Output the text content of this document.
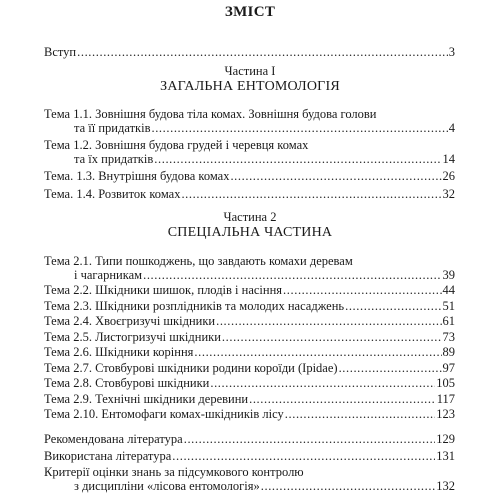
ЗМІСТ
Вступ .....	3
Частина І
ЗАГАЛЬНА ЕНТОМОЛОГІЯ
Тема 1.1. Зовнішня будова тіла комах. Зовнішня будова голови
та її придатків .....	4
Тема 1.2. Зовнішня будова грудей і черевця комах
та їх придатків .....	14
Тема. 1.3. Внутрішня будова комах .....	26
Тема. 1.4. Розвиток комах .....	32
Частина 2
СПЕЦІАЛЬНА ЧАСТИНА
Тема 2.1. Типи пошкоджень, що завдають комахи деревам
і чагарникам .....	39
Тема 2.2. Шкідники шишок, плодів і насіння .....	44
Тема 2.3. Шкідники розплідників та молодих насаджень .....	51
Тема 2.4. Хвоєгризучі шкідники .....	61
Тема 2.5. Листогризучі шкідники .....	73
Тема 2.6. Шкідники коріння .....	89
Тема 2.7. Стовбурові шкідники родини короїди (Ipidae) .....	97
Тема 2.8. Стовбурові шкідники .....	105
Тема 2.9. Технічні шкідники деревини .....	117
Тема 2.10. Ентомофаги комах-шкідників лісу .....	123
Рекомендована література .....	129
Використана література .....	131
Критерії оцінки знань за підсумкового контролю
з дисципліни «лісова ентомологія» .....	132
